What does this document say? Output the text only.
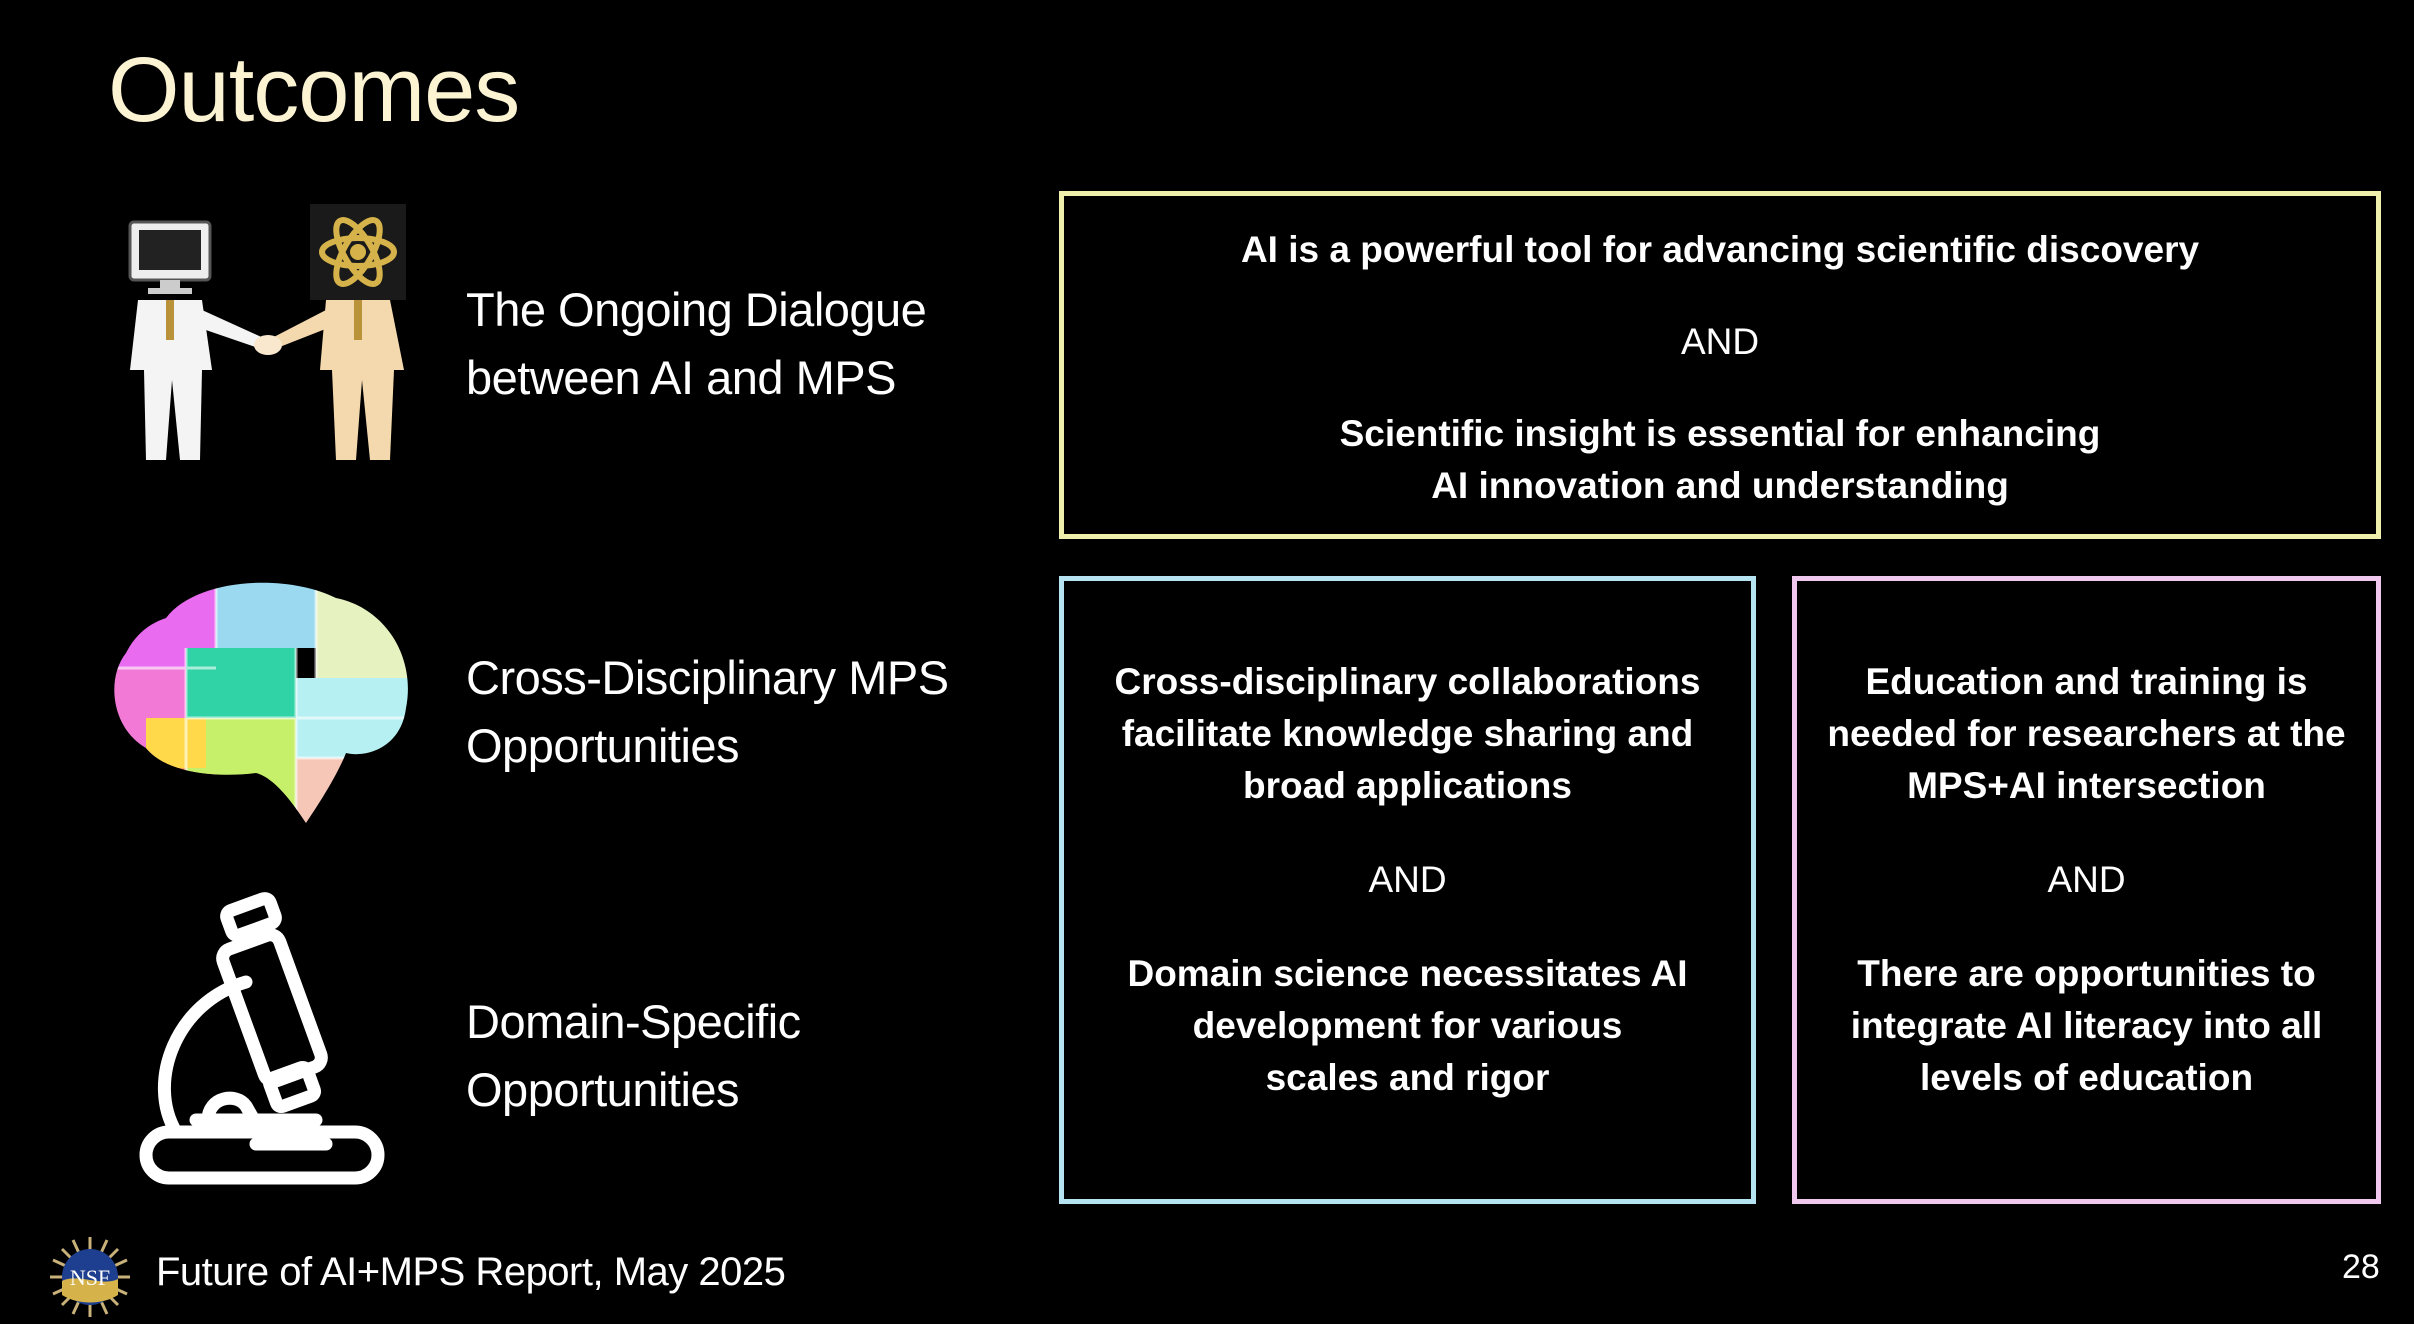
Outcomes
The Ongoing Dialogue
between AI and MPS
Cross-Disciplinary MPS
Opportunities
Domain-Specific
Opportunities
AI is a powerful tool for advancing scientific discovery
AND
Scientific insight is essential for enhancing
AI innovation and understanding
Cross-disciplinary collaborations
facilitate knowledge sharing and
broad applications
AND
Domain science necessitates AI
development for various
scales and rigor
Education and training is
needed for researchers at the
MPS+AI intersection
AND
There are opportunities to
integrate AI literacy into all
levels of education
NSF Future of AI+MPS Report, May 2025	28
